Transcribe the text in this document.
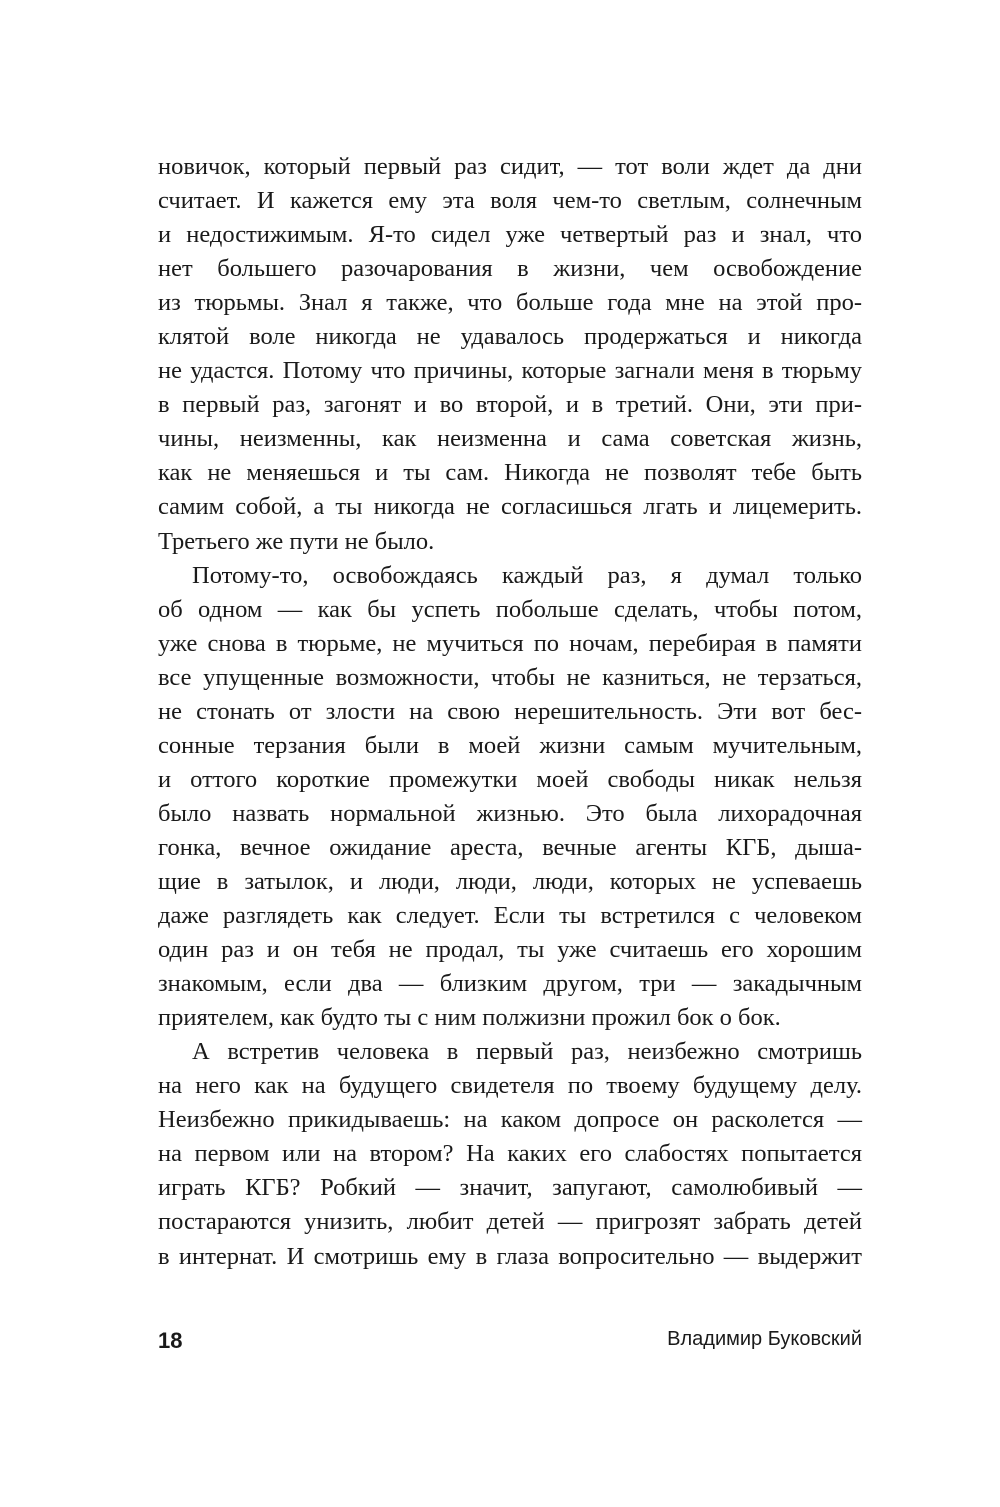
новичок, который первый раз сидит, — тот воли ждет да дни
считает. И кажется ему эта воля чем-то светлым, солнечным
и недостижимым. Я-то сидел уже четвертый раз и знал, что
нет большего разочарования в жизни, чем освобождение
из тюрьмы. Знал я также, что больше года мне на этой про-
клятой воле никогда не удавалось продержаться и никогда
не удастся. Потому что причины, которые загнали меня в тюрьму
в первый раз, загонят и во второй, и в третий. Они, эти при-
чины, неизменны, как неизменна и сама советская жизнь,
как не меняешься и ты сам. Никогда не позволят тебе быть
самим собой, а ты никогда не согласишься лгать и лицемерить.
Третьего же пути не было.
Потому-то, освобождаясь каждый раз, я думал только
об одном — как бы успеть побольше сделать, чтобы потом,
уже снова в тюрьме, не мучиться по ночам, перебирая в памяти
все упущенные возможности, чтобы не казниться, не терзаться,
не стонать от злости на свою нерешительность. Эти вот бес-
сонные терзания были в моей жизни самым мучительным,
и оттого короткие промежутки моей свободы никак нельзя
было назвать нормальной жизнью. Это была лихорадочная
гонка, вечное ожидание ареста, вечные агенты КГБ, дыша-
щие в затылок, и люди, люди, люди, которых не успеваешь
даже разглядеть как следует. Если ты встретился с человеком
один раз и он тебя не продал, ты уже считаешь его хорошим
знакомым, если два — близким другом, три — закадычным
приятелем, как будто ты с ним полжизни прожил бок о бок.
А встретив человека в первый раз, неизбежно смотришь
на него как на будущего свидетеля по твоему будущему делу.
Неизбежно прикидываешь: на каком допросе он расколется —
на первом или на втором? На каких его слабостях попытается
играть КГБ? Робкий — значит, запугают, самолюбивый —
постараются унизить, любит детей — пригрозят забрать детей
в интернат. И смотришь ему в глаза вопросительно — выдержит
18	Владимир Буковский
